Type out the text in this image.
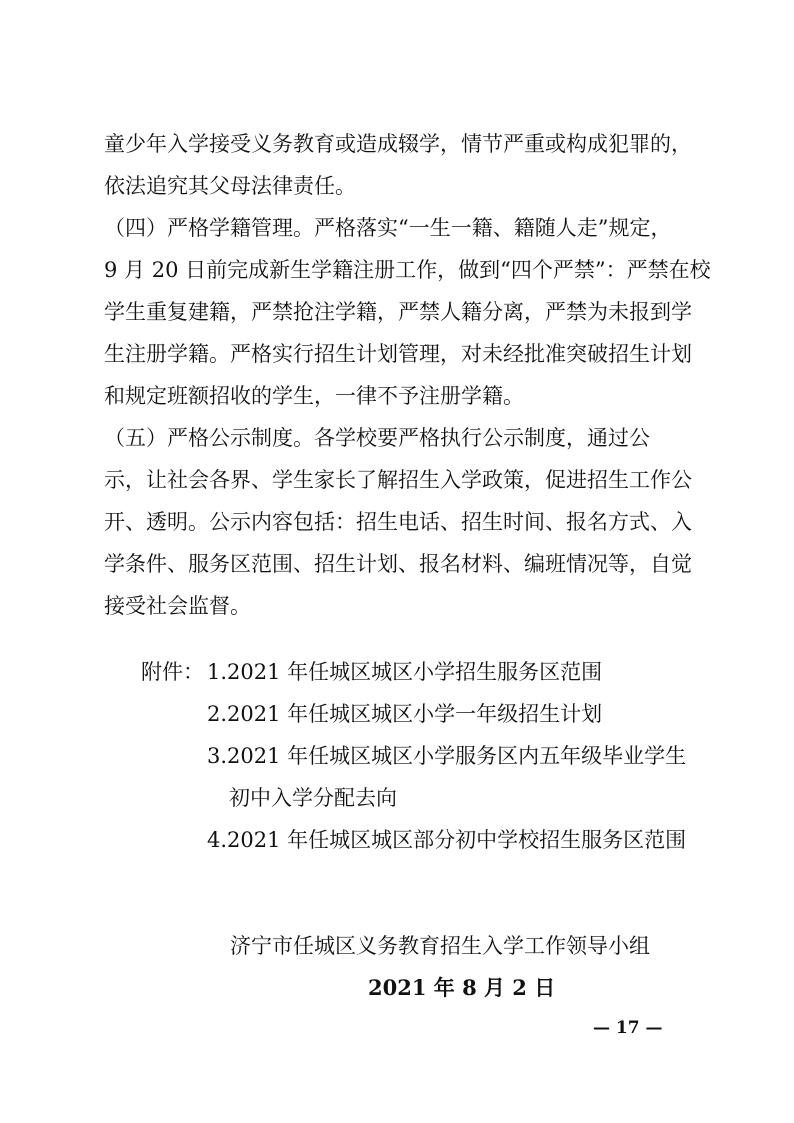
童少年入学接受义务教育或造成辍学，情节严重或构成犯罪的，
依法追究其父母法律责任。
（四）严格学籍管理。严格落实“一生一籍、籍随人走”规定，
9 月 20 日前完成新生学籍注册工作，做到“四个严禁”：严禁在校
学生重复建籍，严禁抢注学籍，严禁人籍分离，严禁为未报到学
生注册学籍。严格实行招生计划管理，对未经批准突破招生计划
和规定班额招收的学生，一律不予注册学籍。
（五）严格公示制度。各学校要严格执行公示制度，通过公
示，让社会各界、学生家长了解招生入学政策，促进招生工作公
开、透明。公示内容包括：招生电话、招生时间、报名方式、入
学条件、服务区范围、招生计划、报名材料、编班情况等，自觉
接受社会监督。
附件： 1.2021 年任城区城区小学招生服务区范围
2.2021 年任城区城区小学一年级招生计划
3.2021 年任城区城区小学服务区内五年级毕业学生
初中入学分配去向
4.2021 年任城区城区部分初中学校招生服务区范围
济宁市任城区义务教育招生入学工作领导小组
2021 年 8 月 2 日
— 17 —
